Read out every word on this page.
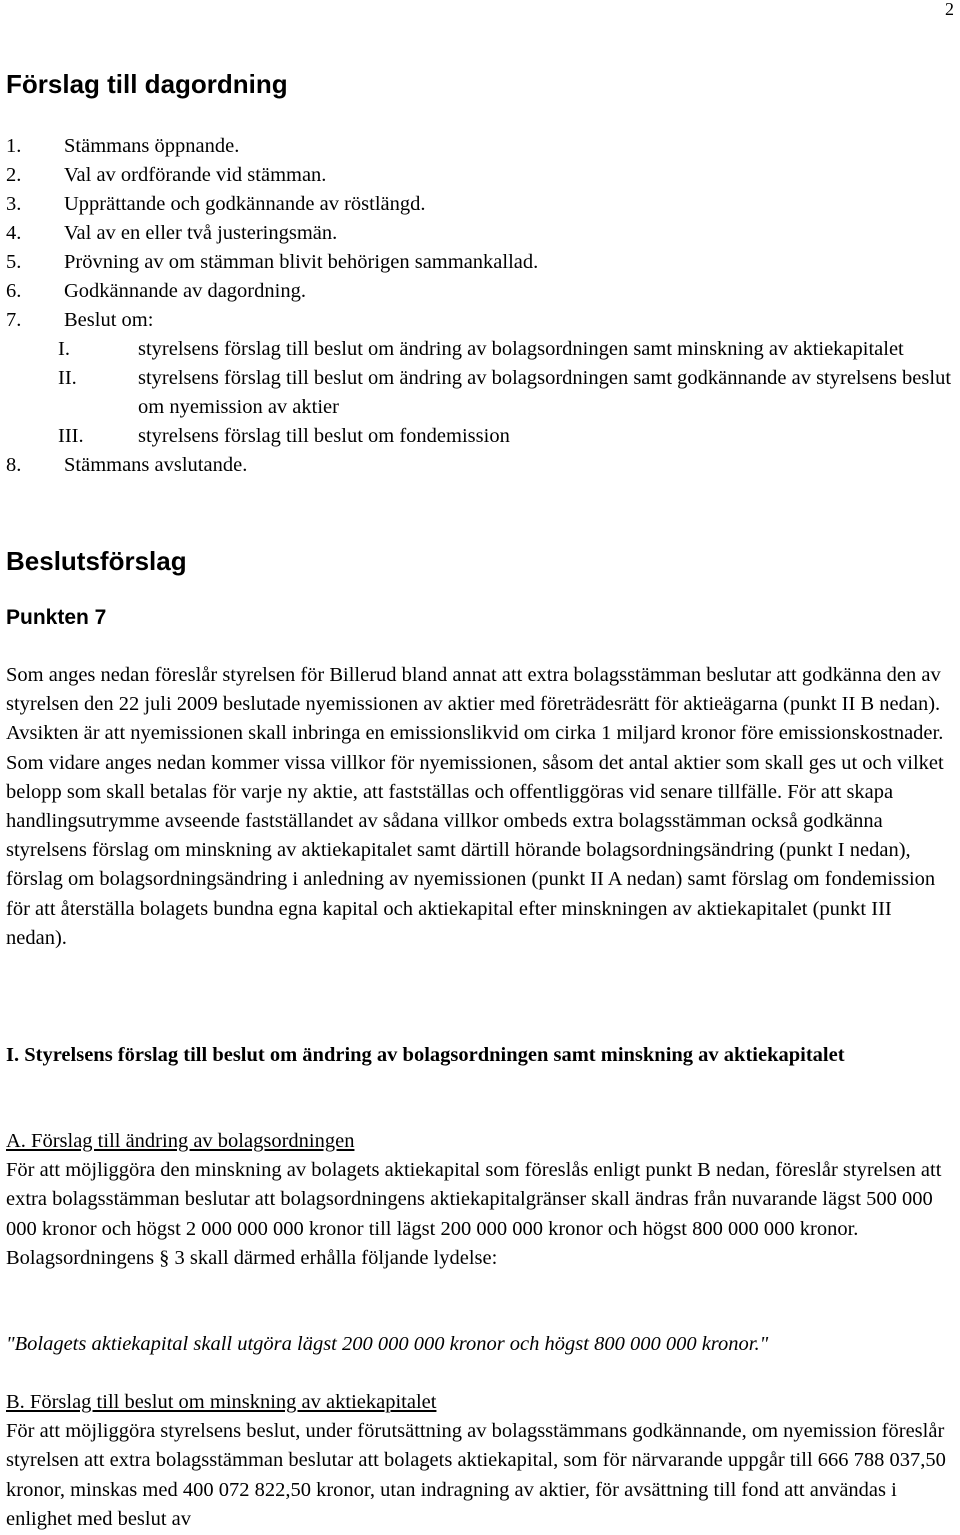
2
Förslag till dagordning
1.	Stämmans öppnande.
2.	Val av ordförande vid stämman.
3.	Upprättande och godkännande av röstlängd.
4.	Val av en eller två justeringsmän.
5.	Prövning av om stämman blivit behörigen sammankallad.
6.	Godkännande av dagordning.
7.	Beslut om:
I.	styrelsens förslag till beslut om ändring av bolagsordningen samt minskning av aktiekapitalet
II.	styrelsens förslag till beslut om ändring av bolagsordningen samt godkännande av styrelsens beslut om nyemission av aktier
III.	styrelsens förslag till beslut om fondemission
8.	Stämmans avslutande.
Beslutsförslag
Punkten 7
Som anges nedan föreslår styrelsen för Billerud bland annat att extra bolagsstämman beslutar att godkänna den av styrelsen den 22 juli 2009 beslutade nyemissionen av aktier med företrädesrätt för aktieägarna (punkt II B nedan). Avsikten är att nyemissionen skall inbringa en emissionslikvid om cirka 1 miljard kronor före emissionskostnader. Som vidare anges nedan kommer vissa villkor för nyemissionen, såsom det antal aktier som skall ges ut och vilket belopp som skall betalas för varje ny aktie, att fastställas och offentliggöras vid senare tillfälle. För att skapa handlingsutrymme avseende fastställandet av sådana villkor ombeds extra bolagsstämman också godkänna styrelsens förslag om minskning av aktiekapitalet samt därtill hörande bolagsordningsändring (punkt I nedan), förslag om bolagsordningsändring i anledning av nyemissionen (punkt II A nedan) samt förslag om fondemission för att återställa bolagets bundna egna kapital och aktiekapital efter minskningen av aktiekapitalet (punkt III nedan).
I. Styrelsens förslag till beslut om ändring av bolagsordningen samt minskning av aktiekapitalet
A. Förslag till ändring av bolagsordningen
För att möjliggöra den minskning av bolagets aktiekapital som föreslås enligt punkt B nedan, föreslår styrelsen att extra bolagsstämman beslutar att bolagsordningens aktiekapitalgränser skall ändras från nuvarande lägst 500 000 000 kronor och högst 2 000 000 000 kronor till lägst 200 000 000 kronor och högst 800 000 000 kronor. Bolagsordningens § 3 skall därmed erhålla följande lydelse:
"Bolagets aktiekapital skall utgöra lägst 200 000 000 kronor och högst 800 000 000 kronor."
B. Förslag till beslut om minskning av aktiekapitalet
För att möjliggöra styrelsens beslut, under förutsättning av bolagsstämmans godkännande, om nyemission föreslår styrelsen att extra bolagsstämman beslutar att bolagets aktiekapital, som för närvarande uppgår till 666 788 037,50 kronor, minskas med 400 072 822,50 kronor, utan indragning av aktier, för avsättning till fond att användas i enlighet med beslut av
